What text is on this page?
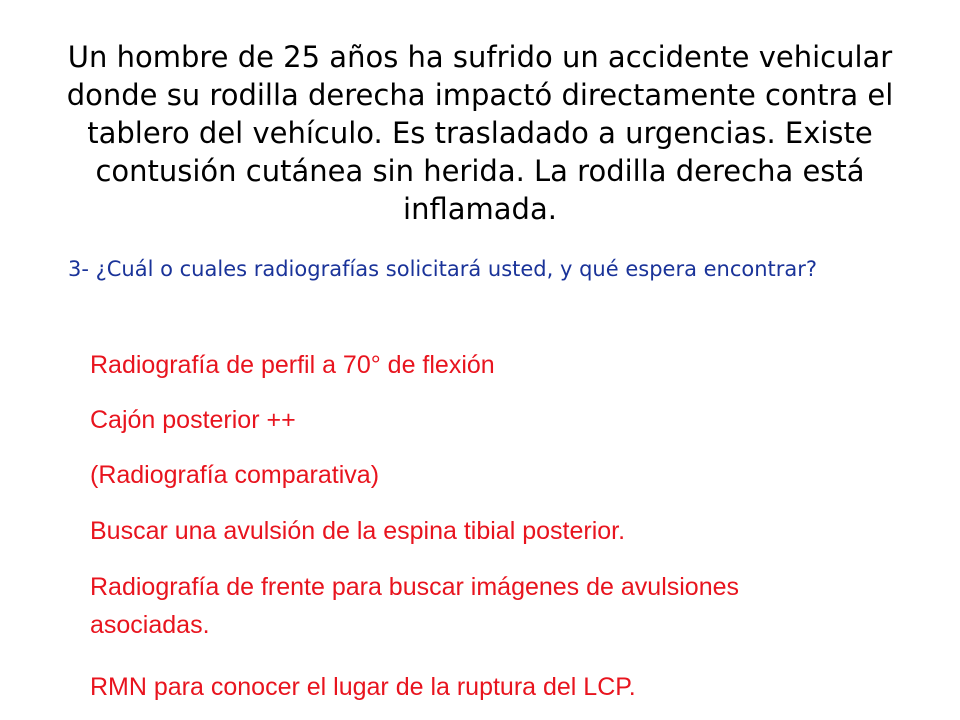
Un hombre de 25 años ha sufrido un accidente vehicular donde su rodilla derecha impactó directamente contra el tablero del vehículo. Es trasladado a urgencias. Existe contusión cutánea sin herida. La rodilla derecha está inflamada.

3- ¿Cuál o cuales radiografías solicitará usted, y qué espera encontrar?

Radiografía de perfil a 70° de flexión
Cajón posterior ++
(Radiografía comparativa)
Buscar una avulsión de la espina tibial posterior.
Radiografía de frente para buscar imágenes de avulsiones asociadas.
RMN para conocer el lugar de la ruptura del LCP.
